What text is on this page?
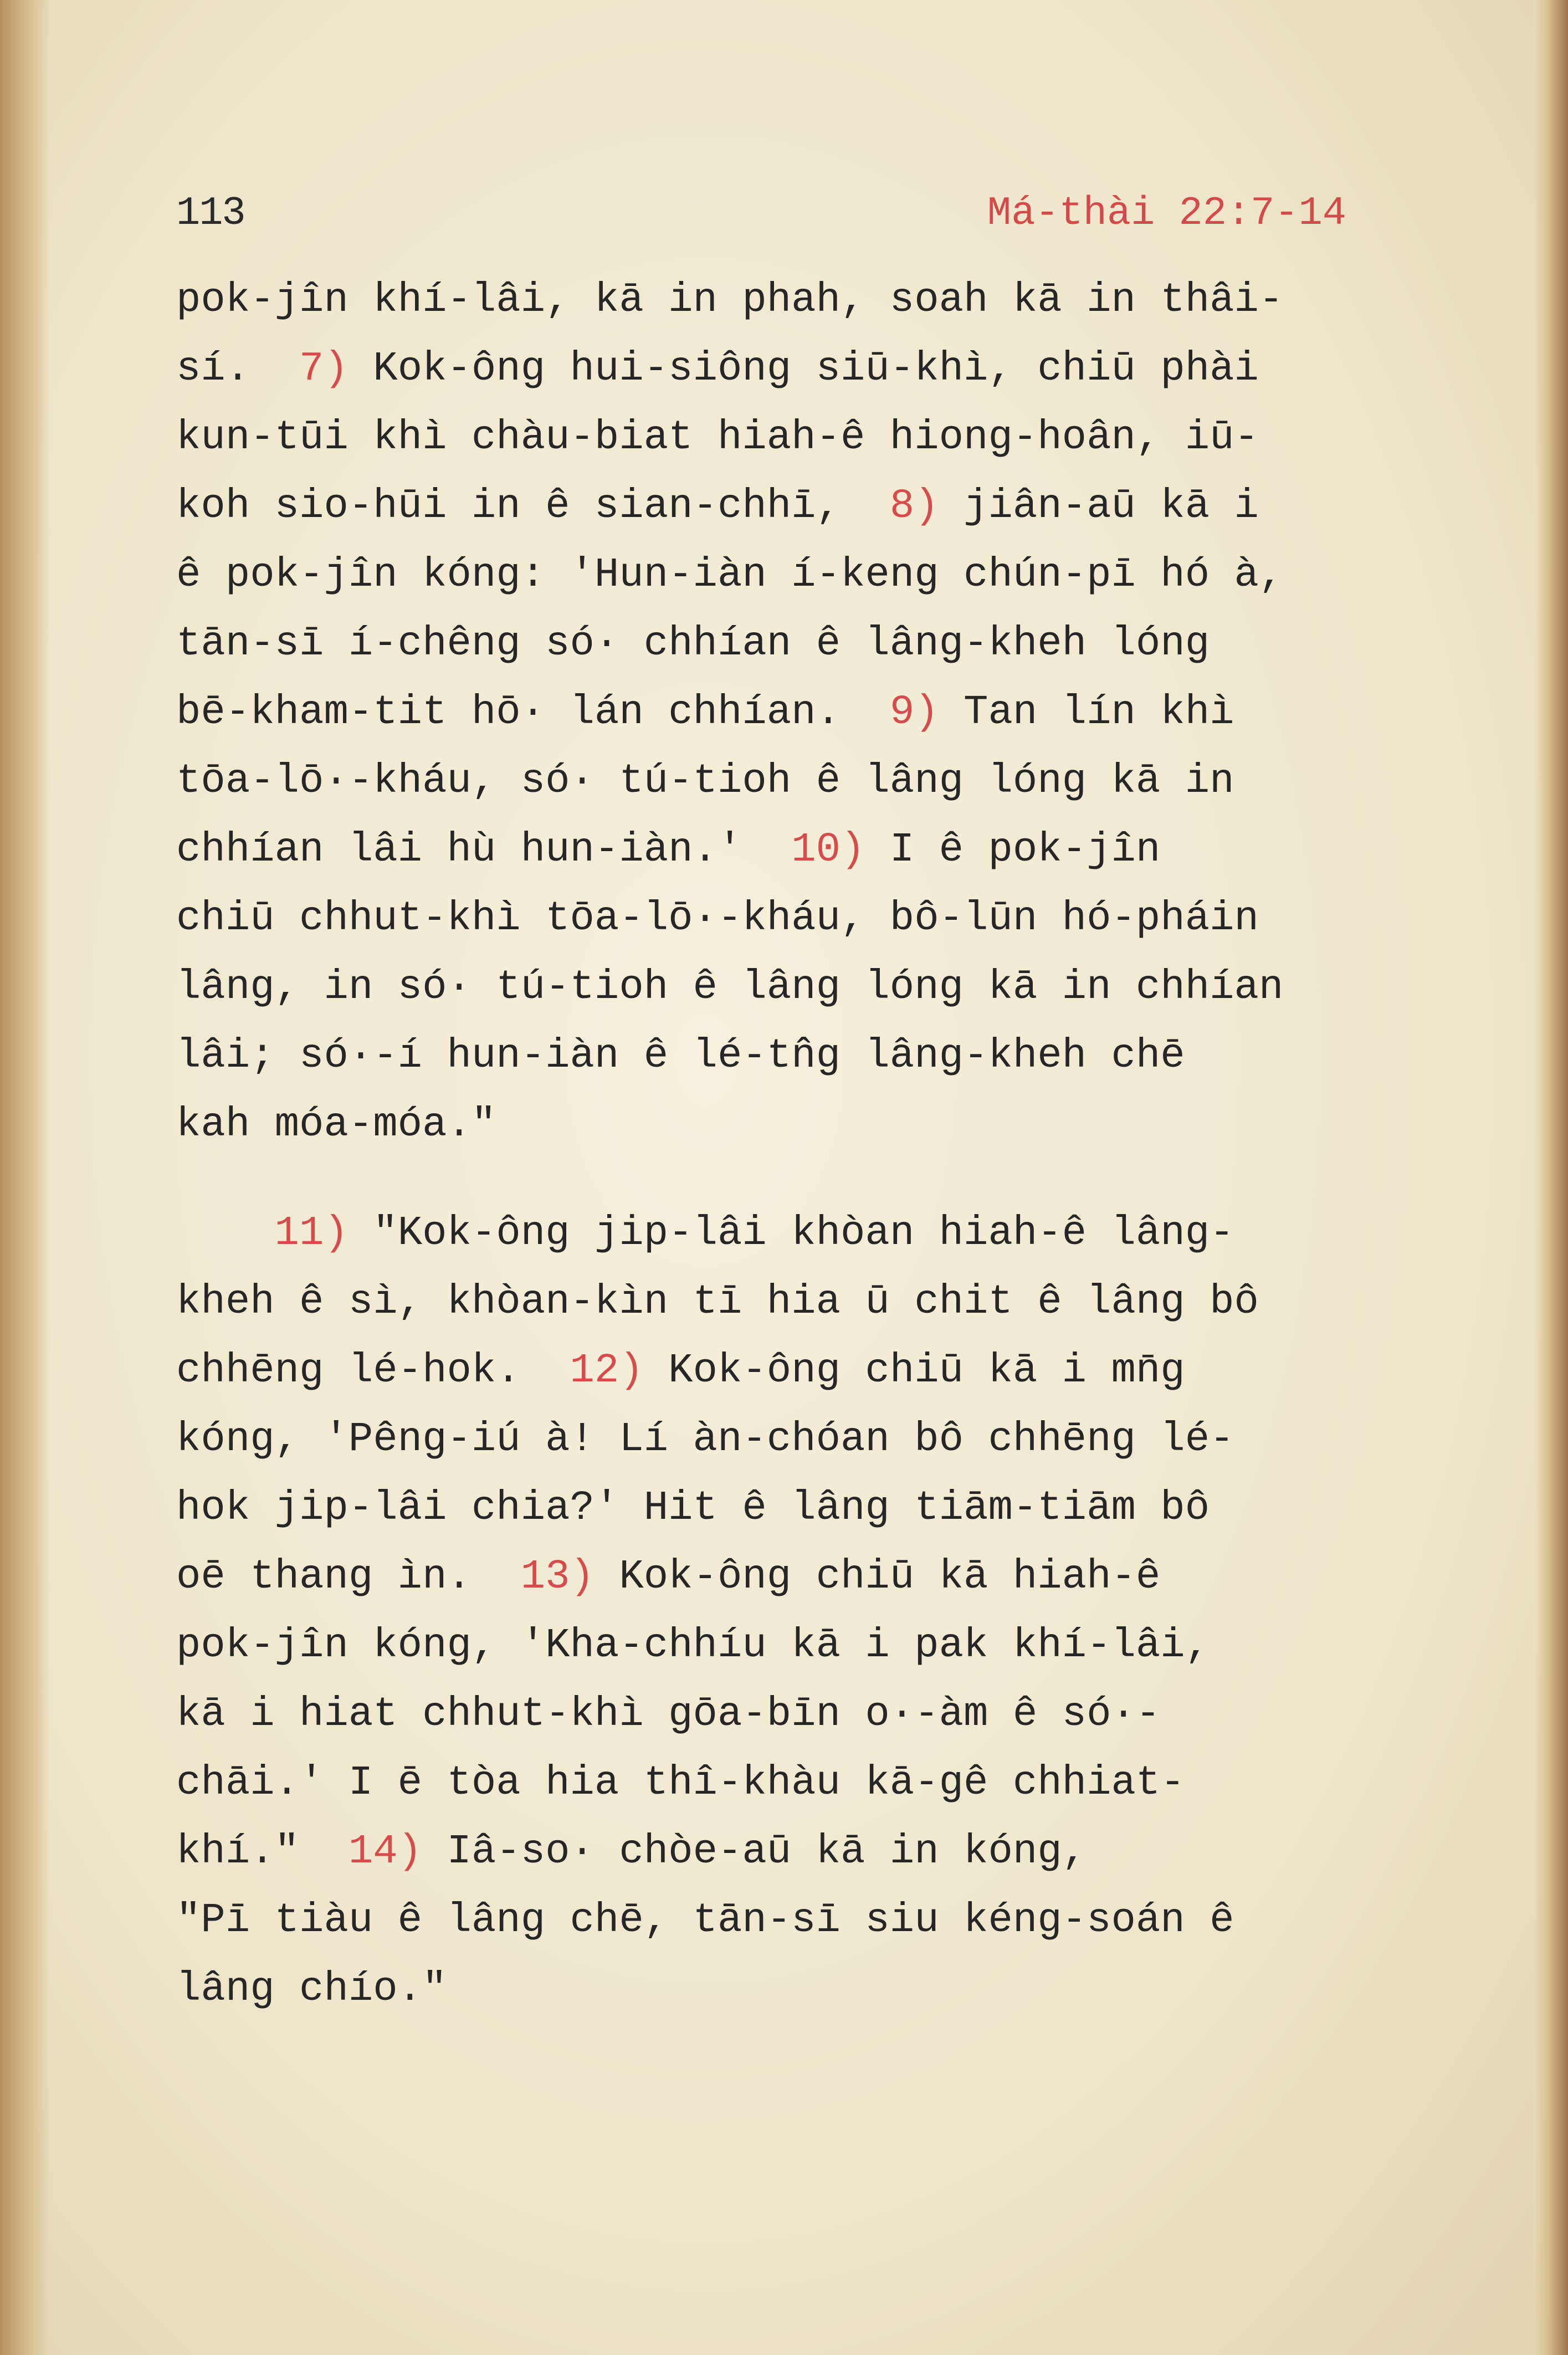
113	Má-thài 22:7-14
pok-jîn khí-lâi, kā in phah, soah kā in thâi-
sí.  7) Kok-ông hui-siông siū-khì, chiū phài
kun-tūi khì chàu-biat hiah-ê hiong-hoân, iū-
koh sio-hūi in ê sian-chhī,  8) jiân-aū kā i
ê pok-jîn kóng: 'Hun-iàn í-keng chún-pī hó à,
tān-sī í-chêng só· chhían ê lâng-kheh lóng
bē-kham-tit hō· lán chhían.  9) Tan lín khì
tōa-lō·-kháu, só· tú-tioh ê lâng lóng kā in
chhían lâi hù hun-iàn.'  10) I ê pok-jîn
chiū chhut-khì tōa-lō·-kháu, bô-lūn hó-pháin
lâng, in só· tú-tioh ê lâng lóng kā in chhían
lâi; só·-í hun-iàn ê lé-tn̂g lâng-kheh chē
kah móa-móa."
11) "Kok-ông jip-lâi khòan hiah-ê lâng-
kheh ê sì, khòan-kìn tī hia ū chit ê lâng bô
chhēng lé-hok.  12) Kok-ông chiū kā i mn̄g
kóng, 'Pêng-iú à! Lí àn-chóan bô chhēng lé-
hok jip-lâi chia?' Hit ê lâng tiām-tiām bô
oē thang ìn.  13) Kok-ông chiū kā hiah-ê
pok-jîn kóng, 'Kha-chhíu kā i pak khí-lâi,
kā i hiat chhut-khì gōa-bīn o·-àm ê só·-
chāi.' I ē tòa hia thî-khàu kā-gê chhiat-
khí."  14) Iâ-so· chòe-aū kā in kóng,
"Pī tiàu ê lâng chē, tān-sī siu kéng-soán ê
lâng chío."
